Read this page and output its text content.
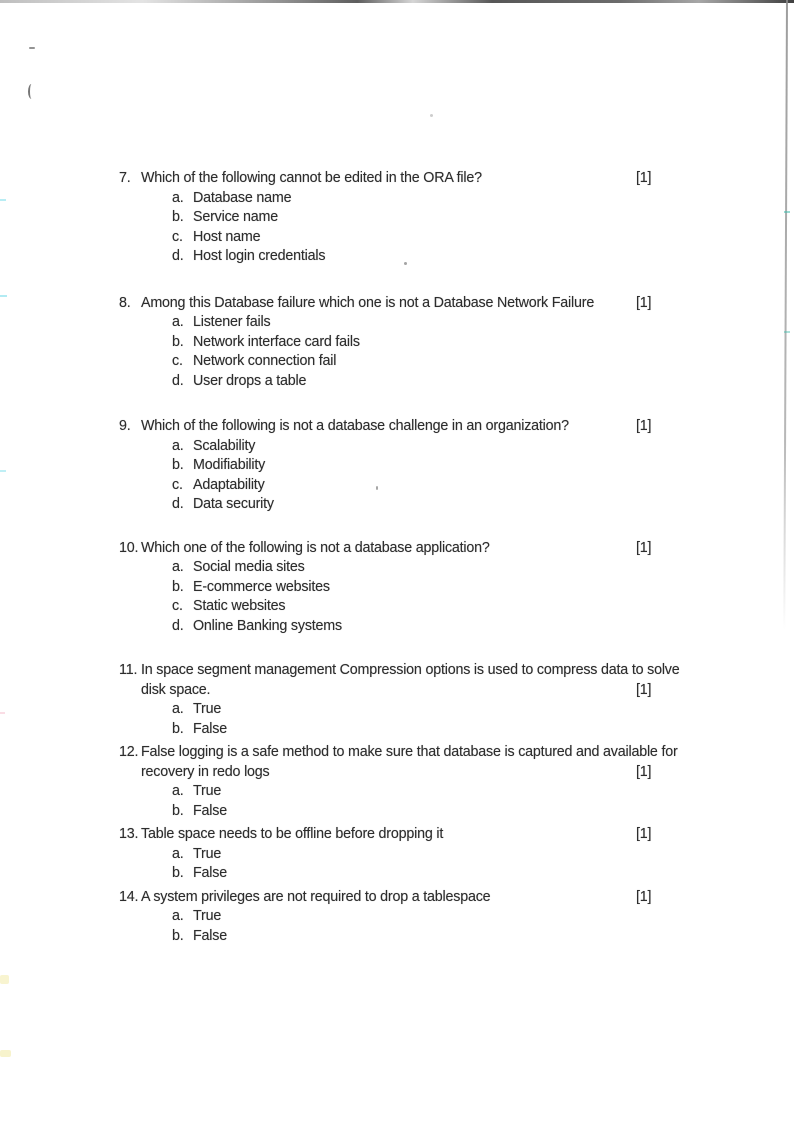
7. Which of the following cannot be edited in the ORA file?
a. Database name
b. Service name
c. Host name
d. Host login credentials
[1]
8. Among this Database failure which one is not a Database Network Failure
a. Listener fails
b. Network interface card fails
c. Network connection fail
d. User drops a table
[1]
9. Which of the following is not a database challenge in an organization?
a. Scalability
b. Modifiability
c. Adaptability
d. Data security
[1]
10. Which one of the following is not a database application?
a. Social media sites
b. E-commerce websites
c. Static websites
d. Online Banking systems
[1]
11. In space segment management Compression options is used to compress data to solve
disk space.
a. True
b. False
[1]
12. False logging is a safe method to make sure that database is captured and available for
recovery in redo logs
a. True
b. False
[1]
13. Table space needs to be offline before dropping it
a. True
b. False
[1]
14. A system privileges are not required to drop a tablespace
a. True
b. False
[1]
